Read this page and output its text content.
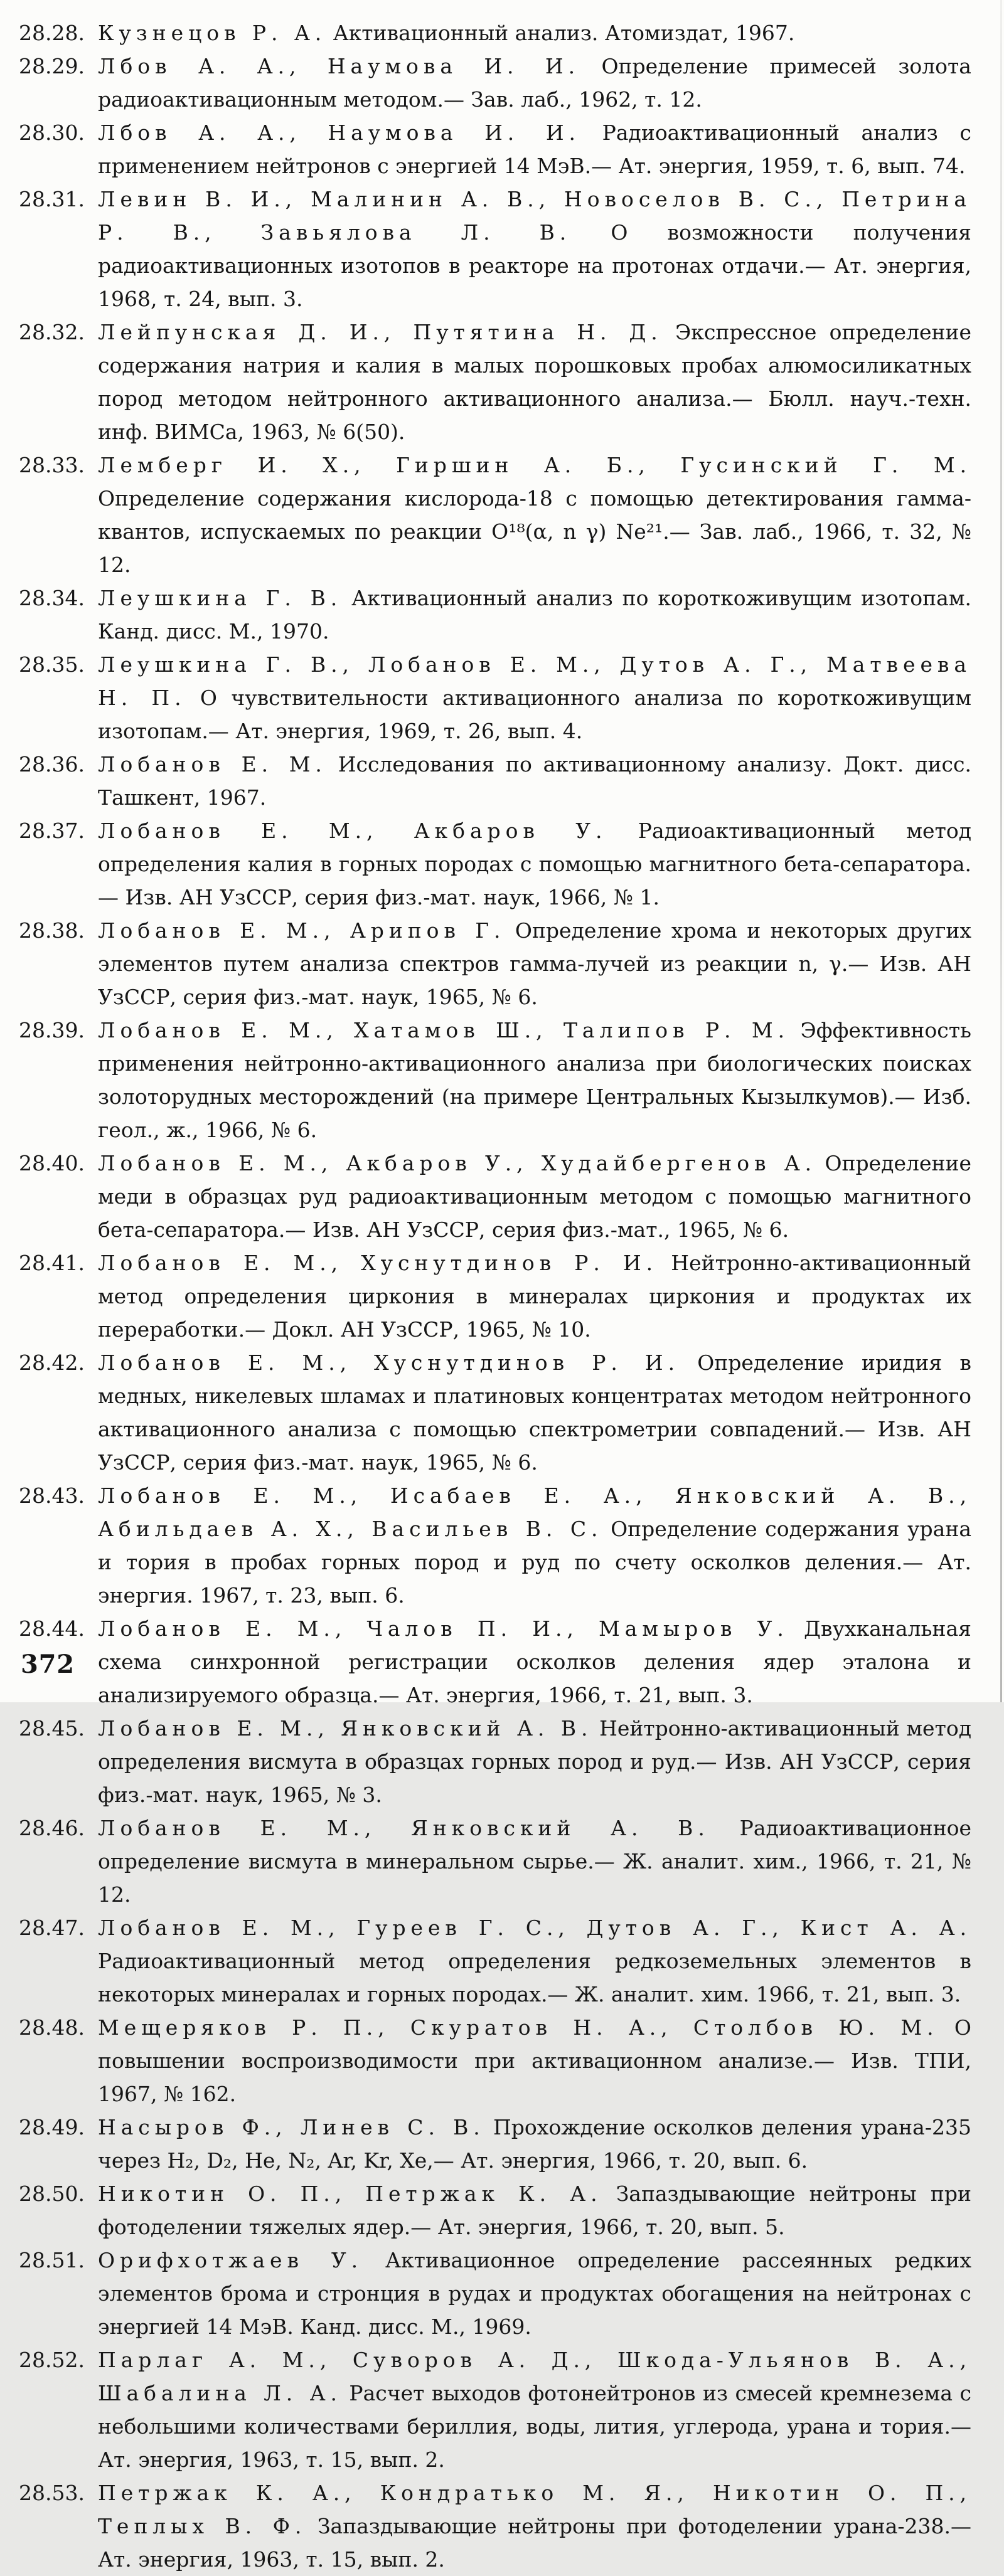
28.28. Кузнецов Р. А. Активационный анализ. Атомиздат, 1967.

28.29. Лбов А. А., Наумова И. И. Определение примесей золота радиоактивационным методом.— Зав. лаб., 1962, т. 12.

28.30. Лбов А. А., Наумова И. И. Радиоактивационный анализ с применением нейтронов с энергией 14 МэВ.— Ат. энергия, 1959, т. 6, вып. 74.

28.31. Левин В. И., Малинин А. В., Новоселов В. С., Петрина Р. В., Завьялова Л. В. О возможности получения радиоактивационных изотопов в реакторе на протонах отдачи.— Ат. энергия, 1968, т. 24, вып. 3.

28.32. Лейпунская Д. И., Путятина Н. Д. Экспрессное определение содержания натрия и калия в малых порошковых пробах алюмосиликатных пород методом нейтронного активационного анализа.— Бюлл. науч.-техн. инф. ВИМСа, 1963, № 6(50).

28.33. Лемберг И. Х., Гиршин А. Б., Гусинский Г. М. Определение содержания кислорода-18 с помощью детектирования гамма-квантов, испускаемых по реакции O¹⁸(α, n γ) Ne²¹.— Зав. лаб., 1966, т. 32, № 12.

28.34. Леушкина Г. В. Активационный анализ по короткоживущим изотопам. Канд. дисс. М., 1970.

28.35. Леушкина Г. В., Лобанов Е. М., Дутов А. Г., Матвеева Н. П. О чувствительности активационного анализа по короткоживущим изотопам.— Ат. энергия, 1969, т. 26, вып. 4.

28.36. Лобанов Е. М. Исследования по активационному анализу. Докт. дисс. Ташкент, 1967.

28.37. Лобанов Е. М., Акбаров У. Радиоактивационный метод определения калия в горных породах с помощью магнитного бета-сепаратора.— Изв. АН УзССР, серия физ.-мат. наук, 1966, № 1.

28.38. Лобанов Е. М., Арипов Г. Определение хрома и некоторых других элементов путем анализа спектров гамма-лучей из реакции n, γ.— Изв. АН УзССР, серия физ.-мат. наук, 1965, № 6.

28.39. Лобанов Е. М., Хатамов Ш., Талипов Р. М. Эффективность применения нейтронно-активационного анализа при биологических поисках золоторудных месторождений (на примере Центральных Кызылкумов).— Изб. геол., ж., 1966, № 6.

28.40. Лобанов Е. М., Акбаров У., Худайбергенов А. Определение меди в образцах руд радиоактивационным методом с помощью магнитного бета-сепаратора.— Изв. АН УзССР, серия физ.-мат., 1965, № 6.

28.41. Лобанов Е. М., Хуснутдинов Р. И. Нейтронно-активационный метод определения циркония в минералах циркония и продуктах их переработки.— Докл. АН УзССР, 1965, № 10.

28.42. Лобанов Е. М., Хуснутдинов Р. И. Определение иридия в медных, никелевых шламах и платиновых концентратах методом нейтронного активационного анализа с помощью спектрометрии совпадений.— Изв. АН УзССР, серия физ.-мат. наук, 1965, № 6.

28.43. Лобанов Е. М., Исабаев Е. А., Янковский А. В., Абильдаев А. Х., Васильев В. С. Определение содержания урана и тория в пробах горных пород и руд по счету осколков деления.— Ат. энергия. 1967, т. 23, вып. 6.

28.44. Лобанов Е. М., Чалов П. И., Мамыров У. Двухканальная схема синхронной регистрации осколков деления ядер эталона и анализируемого образца.— Ат. энергия, 1966, т. 21, вып. 3.

28.45. Лобанов Е. М., Янковский А. В. Нейтронно-активационный метод определения висмута в образцах горных пород и руд.— Изв. АН УзССР, серия физ.-мат. наук, 1965, № 3.

28.46. Лобанов Е. М., Янковский А. В. Радиоактивационное определение висмута в минеральном сырье.— Ж. аналит. хим., 1966, т. 21, № 12.

28.47. Лобанов Е. М., Гуреев Г. С., Дутов А. Г., Кист А. А. Радиоактивационный метод определения редкоземельных элементов в некоторых минералах и горных породах.— Ж. аналит. хим. 1966, т. 21, вып. 3.

28.48. Мещеряков Р. П., Скуратов Н. А., Столбов Ю. М. О повышении воспроизводимости при активационном анализе.— Изв. ТПИ, 1967, № 162.

28.49. Насыров Ф., Линев С. В. Прохождение осколков деления урана-235 через H₂, D₂, He, N₂, Ar, Kr, Xe,— Ат. энергия, 1966, т. 20, вып. 6.

28.50. Никотин О. П., Петржак К. А. Запаздывающие нейтроны при фотоделении тяжелых ядер.— Ат. энергия, 1966, т. 20, вып. 5.

28.51. Орифхотжаев У. Активационное определение рассеянных редких элементов брома и стронция в рудах и продуктах обогащения на нейтронах с энергией 14 МэВ. Канд. дисс. М., 1969.

28.52. Парлаг А. М., Суворов А. Д., Шкода-Ульянов В. А., Шабалина Л. А. Расчет выходов фотонейтронов из смесей кремнезема с небольшими количествами бериллия, воды, лития, углерода, урана и тория.— Ат. энергия, 1963, т. 15, вып. 2.

28.53. Петржак К. А., Кондратько М. Я., Никотин О. П., Теплых В. Ф. Запаздывающие нейтроны при фотоделении урана-238.— Ат. энергия, 1963, т. 15, вып. 2.

372
